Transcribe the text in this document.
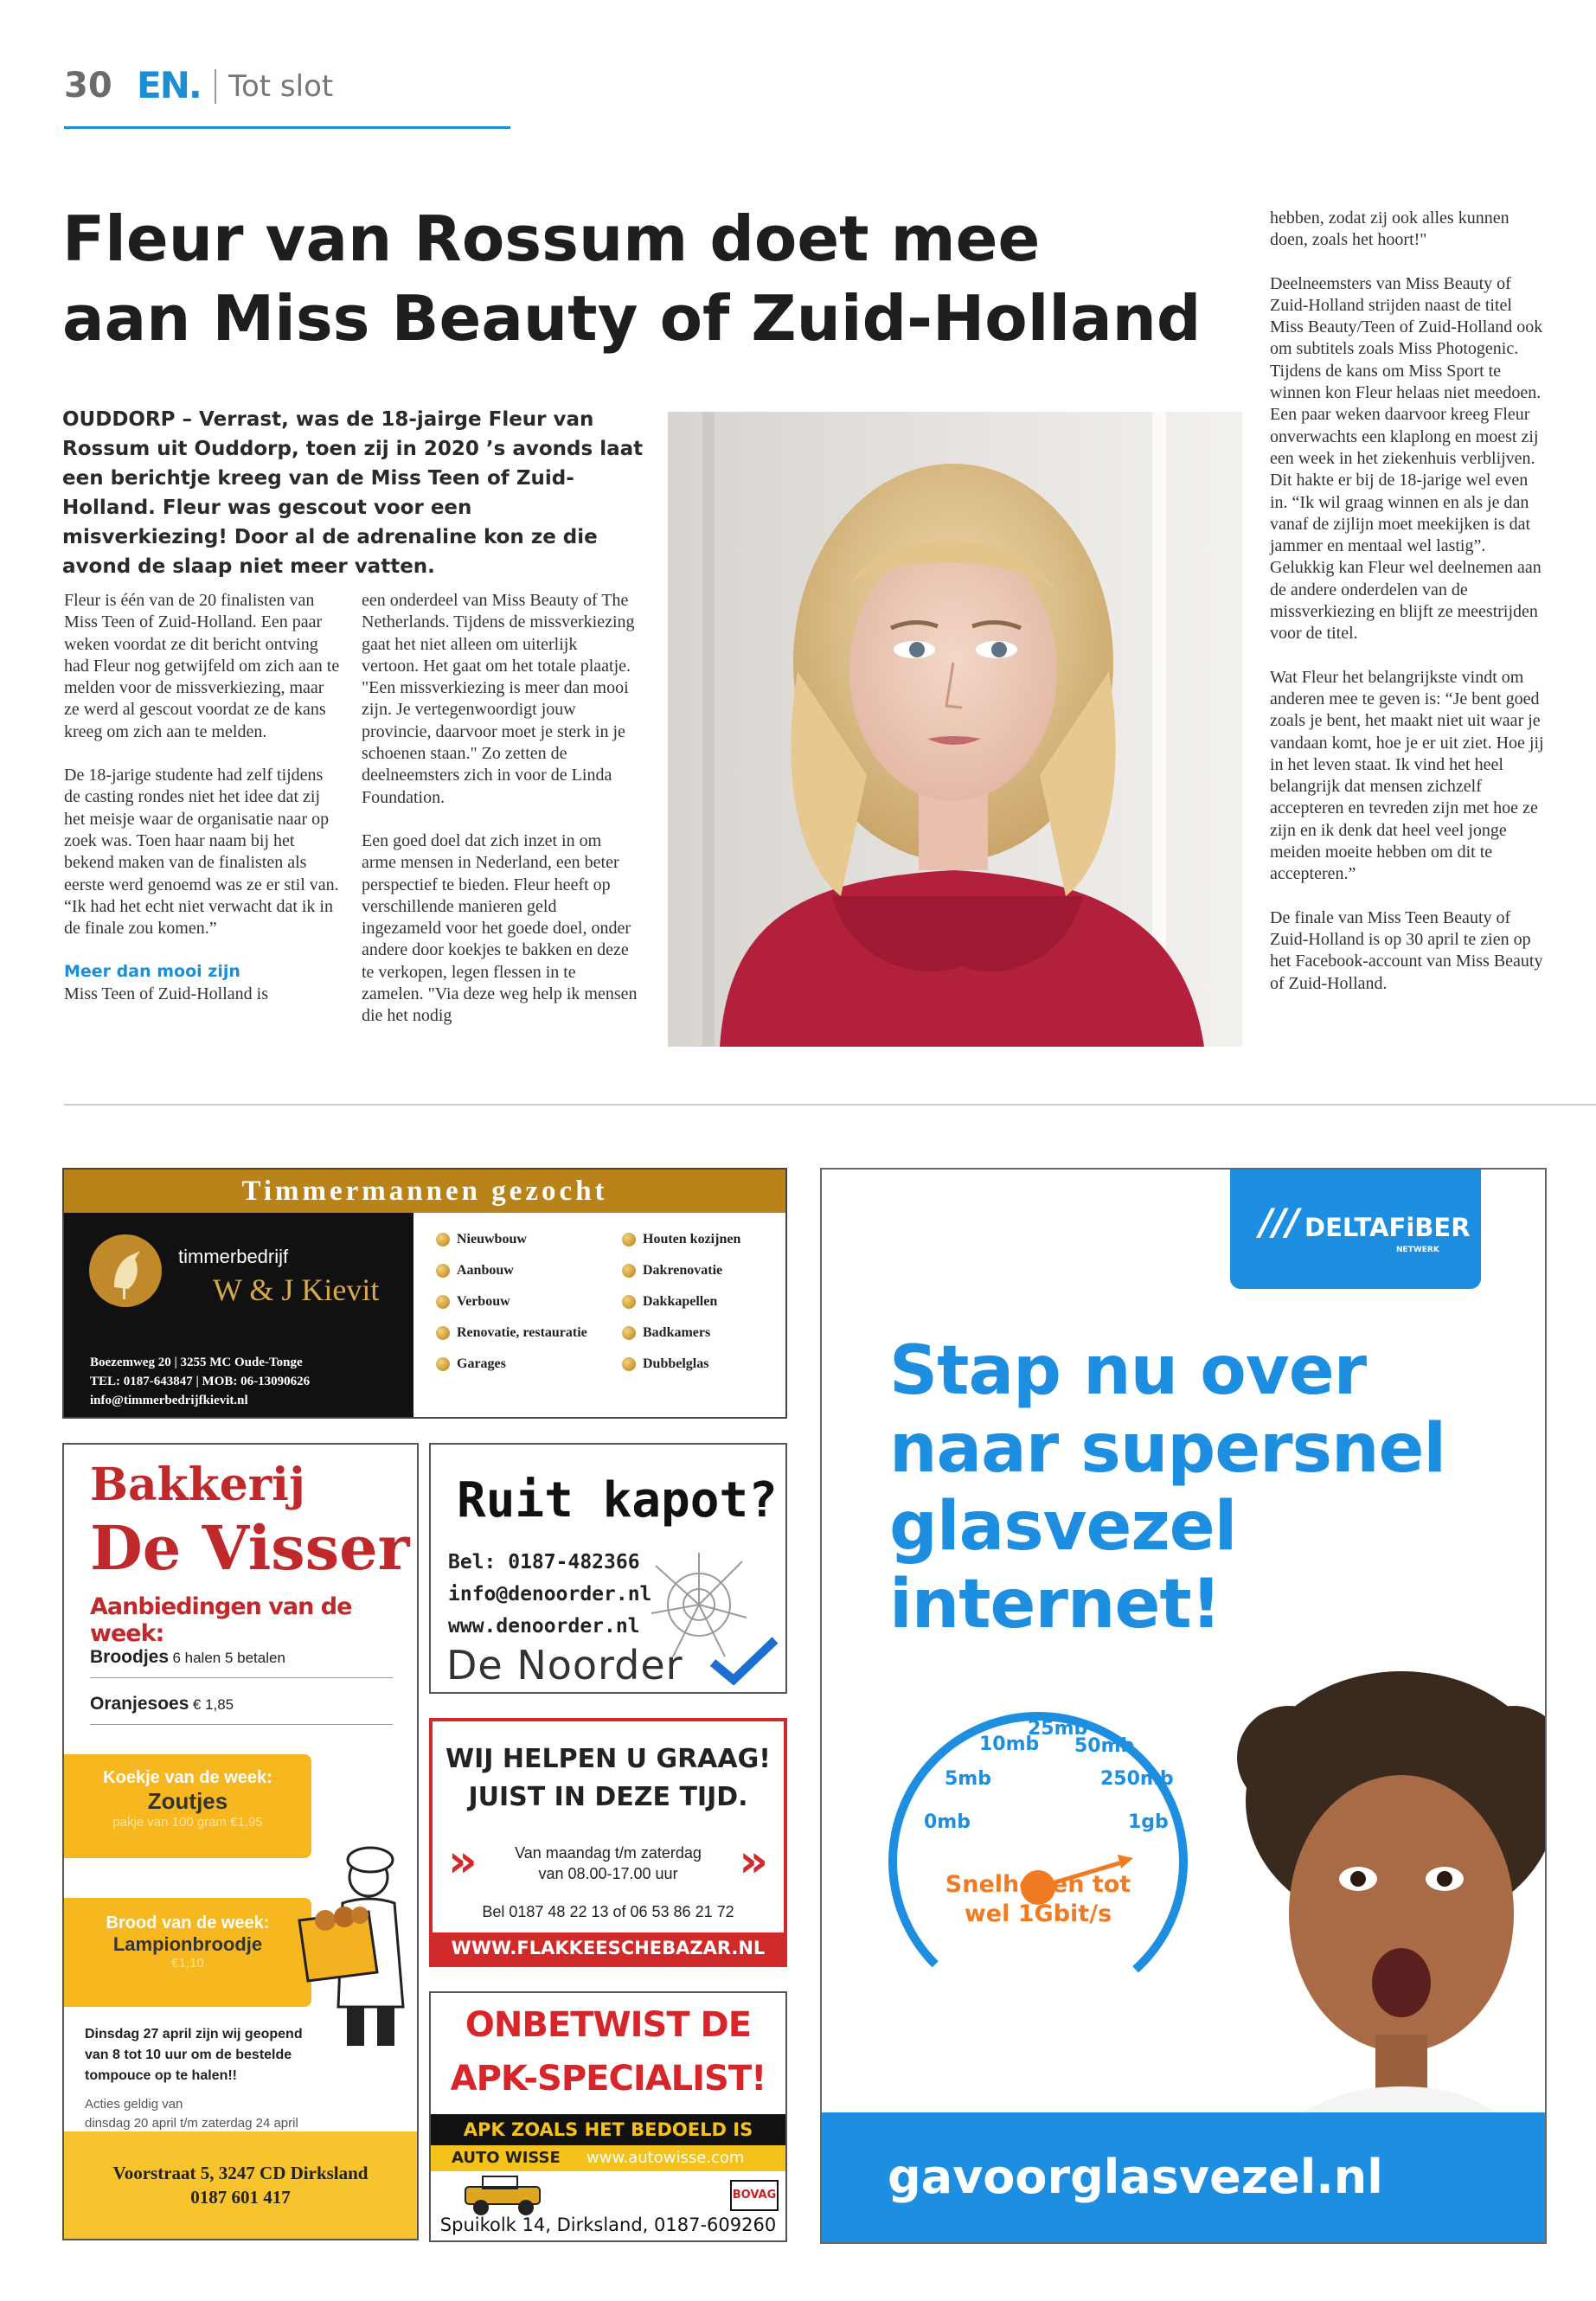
30 EN. Tot slot
Fleur van Rossum doet mee
aan Miss Beauty of Zuid-Holland
OUDDORP – Verrast, was de 18-jairge Fleur van Rossum uit Ouddorp, toen zij in 2020 ’s avonds laat een berichtje kreeg van de Miss Teen of Zuid-Holland. Fleur was gescout voor een misverkiezing! Door al de adrenaline kon ze die avond de slaap niet meer vatten.

Fleur is één van de 20 finalisten van Miss Teen of Zuid-Holland. Een paar weken voordat ze dit bericht ontving had Fleur nog getwijfeld om zich aan te melden voor de missverkiezing, maar ze werd al gescout voordat ze de kans kreeg om zich aan te melden.

De 18-jarige studente had zelf tijdens de casting rondes niet het idee dat zij het meisje waar de organisatie naar op zoek was. Toen haar naam bij het bekend maken van de finalisten als eerste werd genoemd was ze er stil van. “Ik had het echt niet verwacht dat ik in de finale zou komen.”

Meer dan mooi zijn

Miss Teen of Zuid-Holland is

een onderdeel van Miss Beauty of The Netherlands. Tijdens de missverkiezing gaat het niet alleen om uiterlijk vertoon. Het gaat om het totale plaatje. "Een missverkiezing is meer dan mooi zijn. Je vertegenwoordigt jouw provincie, daarvoor moet je sterk in je schoenen staan." Zo zetten de deelneemsters zich in voor de Linda Foundation.

Een goed doel dat zich inzet in om arme mensen in Nederland, een beter perspectief te bieden. Fleur heeft op verschillende manieren geld ingezameld voor het goede doel, onder andere door koekjes te bakken en deze te verkopen, legen flessen in te zamelen. "Via deze weg help ik mensen die het nodig

hebben, zodat zij ook alles kunnen doen, zoals het hoort!"

Deelneemsters van Miss Beauty of Zuid-Holland strijden naast de titel Miss Beauty/Teen of Zuid-Holland ook om subtitels zoals Miss Photogenic. Tijdens de kans om Miss Sport te winnen kon Fleur helaas niet meedoen. Een paar weken daarvoor kreeg Fleur onverwachts een klaplong en moest zij een week in het ziekenhuis verblijven. Dit hakte er bij de 18-jarige wel even in. “Ik wil graag winnen en als je dan vanaf de zijlijn moet meekijken is dat jammer en mentaal wel lastig”. Gelukkig kan Fleur wel deelnemen aan de andere onderdelen van de missverkiezing en blijft ze meestrijden voor de titel.

Wat Fleur het belangrijkste vindt om anderen mee te geven is: “Je bent goed zoals je bent, het maakt niet uit waar je vandaan komt, hoe je er uit ziet. Hoe jij in het leven staat. Ik vind het heel belangrijk dat mensen zichzelf accepteren en tevreden zijn met hoe ze zijn en ik denk dat heel veel jonge meiden moeite hebben om dit te accepteren.”

De finale van Miss Teen Beauty of Zuid-Holland is op 30 april te zien op het Facebook-account van Miss Beauty of Zuid-Holland.

Timmermannen gezocht
timmerbedrijf
W & J Kievit
Boezemweg 20 | 3255 MC Oude-Tonge
TEL: 0187-643847 | MOB: 06-13090626
info@timmerbedrijfkievit.nl
Nieuwbouw	Houten kozijnen
Aanbouw	Dakrenovatie
Verbouw	Dakkapellen
Renovatie, restauratie	Badkamers
Garages	Dubbelglas
Bakkerij
De Visser
Aanbiedingen van de week:
Broodjes 6 halen 5 betalen
Oranjesoes € 1,85
Koekje van de week:
Zoutjes
pakje van 100 gram €1,95
Brood van de week:
Lampionbroodje
€1,10
Dinsdag 27 april zijn wij geopend van 8 tot 10 uur om de bestelde tompouce op te halen!!
Acties geldig van
dinsdag 20 april t/m zaterdag 24 april
Voorstraat 5, 3247 CD Dirksland
0187 601 417
Ruit kapot?
Bel: 0187-482366
info@denoorder.nl
www.denoorder.nl
De Noorder
WIJ HELPEN U GRAAG!
JUIST IN DEZE TIJD.
»	»
Van maandag t/m zaterdag
van 08.00-17.00 uur
Bel 0187 48 22 13 of 06 53 86 21 72
WWW.FLAKKEESCHEBAZAR.NL
ONBETWIST DE
APK-SPECIALIST!
APK ZOALS HET BEDOELD IS
AUTO WISSE www.autowisse.com
BOVAG
Spuikolk 14, Dirksland, 0187-609260
/// DELTAFiBER
NETWERK
Stap nu over
naar supersnel
glasvezel
internet!
0mb
5mb
10mb
25mb
50mb
250mb
1gb
Snelheden tot
wel 1Gbit/s
gavoorglasvezel.nl
